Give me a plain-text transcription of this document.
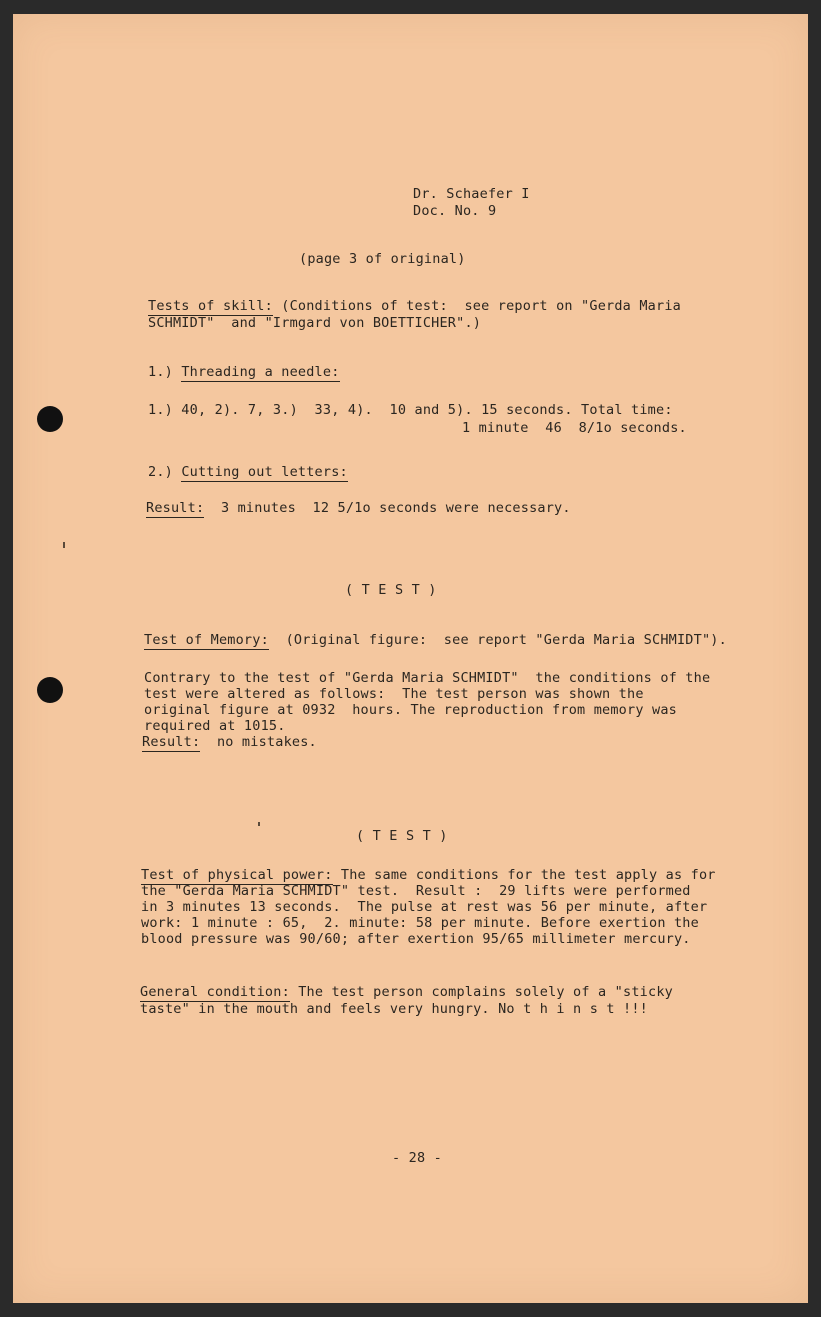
Dr. Schaefer I
Doc. No. 9
(page 3 of original)
Tests of skill: (Conditions of test:  see report on "Gerda Maria
SCHMIDT"  and "Irmgard von BOETTICHER".)
1.) Threading a needle:
1.) 40, 2). 7, 3.)  33, 4).  10 and 5). 15 seconds. Total time:
1 minute  46  8/1o seconds.
2.) Cutting out letters:
Result:  3 minutes  12 5/1o seconds were necessary.
( T E S T )
Test of Memory:  (Original figure:  see report "Gerda Maria SCHMIDT").
Contrary to the test of "Gerda Maria SCHMIDT"  the conditions of the
test were altered as follows:  The test person was shown the
original figure at 0932  hours. The reproduction from memory was
required at 1015.
Result:  no mistakes.
( T E S T )
Test of physical power: The same conditions for the test apply as for
the "Gerda Maria SCHMIDT" test.  Result :  29 lifts were performed
in 3 minutes 13 seconds.  The pulse at rest was 56 per minute, after
work: 1 minute : 65,  2. minute: 58 per minute. Before exertion the
blood pressure was 90/60; after exertion 95/65 millimeter mercury.
General condition: The test person complains solely of a "sticky
taste" in the mouth and feels very hungry. No t h i n s t !!!
- 28 -
